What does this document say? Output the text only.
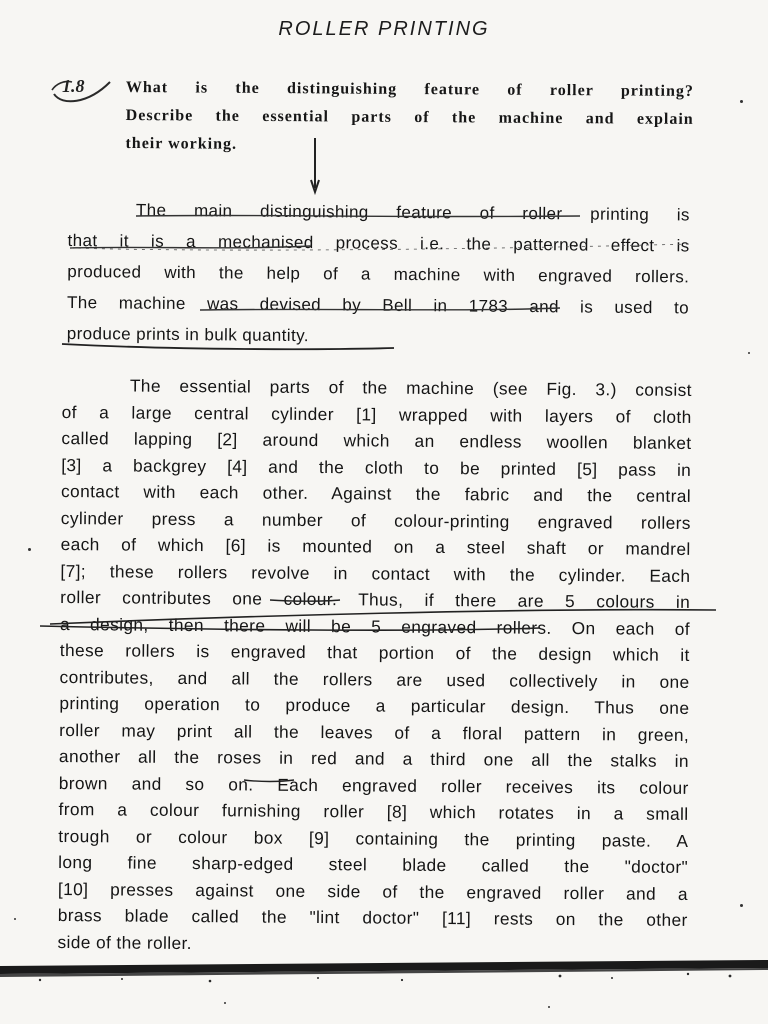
ROLLER PRINTING
1.8	What is the distinguishing feature of roller printing?
Describe the essential parts of the machine and explain
their working.
The main distinguishing feature of roller printing is
that it is a mechanised process i.e. the patterned effect is
produced with the help of a machine with engraved rollers.
The machine was devised by Bell in 1783 and is used to
produce prints in bulk quantity.
The essential parts of the machine (see Fig. 3.) consist
of a large central cylinder [1] wrapped with layers of cloth
called lapping [2] around which an endless woollen blanket
[3] a backgrey [4] and the cloth to be printed [5] pass in
contact with each other. Against the fabric and the central
cylinder press a number of colour-printing engraved rollers
each of which [6] is mounted on a steel shaft or mandrel
[7]; these rollers revolve in contact with the cylinder. Each
roller contributes one colour. Thus, if there are 5 colours in
a design, then there will be 5 engraved rollers. On each of
these rollers is engraved that portion of the design which it
contributes, and all the rollers are used collectively in one
printing operation to produce a particular design. Thus one
roller may print all the leaves of a floral pattern in green,
another all the roses in red and a third one all the stalks in
brown and so on. Each engraved roller receives its colour
from a colour furnishing roller [8] which rotates in a small
trough or colour box [9] containing the printing paste. A
long fine sharp-edged steel blade called the "doctor"
[10] presses against one side of the engraved roller and a
brass blade called the "lint doctor" [11] rests on the other
side of the roller.
